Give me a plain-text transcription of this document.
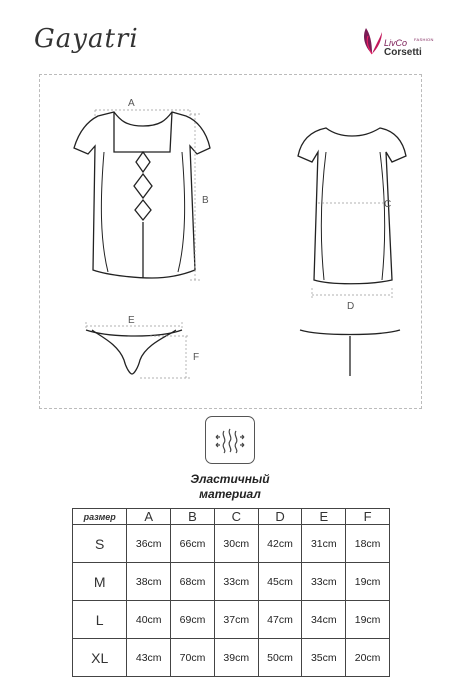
Gayatri	LivCo FASHION
Corsetti
A
B	C
D
E
F
Эластичный
материал
размер	A	B	C	D	E	F
S	36cm	66cm	30cm	42cm	31cm	18cm
M	38cm	68cm	33cm	45cm	33cm	19cm
L	40cm	69cm	37cm	47cm	34cm	19cm
XL	43cm	70cm	39cm	50cm	35cm	20cm
